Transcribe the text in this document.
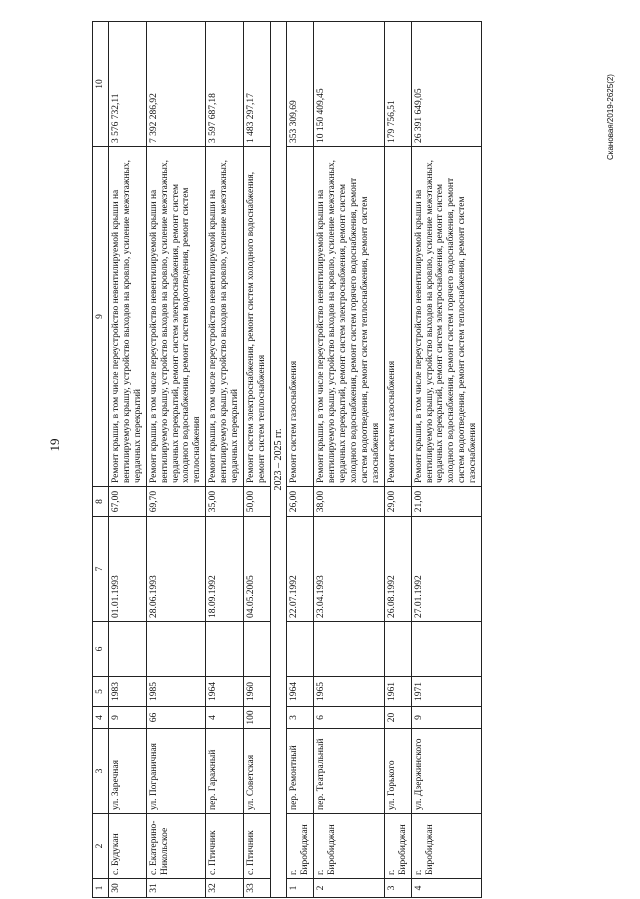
19
Скановая/2019-2625(2)
1	2	3	4	5	6	7	8	9	10
30	с. Будукан	ул. Заречная	9	1983		01.01.1993	67,00	Ремонт крыши, в том числе переустройство невентилируемой крыши на вентилируемую крышу, устройство выходов на кровлю, усиление межэтажных, чердачных перекрытий	3 576 732,11
31	с. Екатерино-Никольское	ул. Пограничная	66	1985		28.06.1993	69,70	Ремонт крыши, в том числе переустройство невентилируемой крыши на вентилируемую крышу, устройство выходов на кровлю, усиление межэтажных, чердачных перекрытий, ремонт систем электроснабжения, ремонт систем холодного водоснабжения, ремонт систем водоотведения, ремонт систем теплоснабжения	7 392 286,92
32	с. Птичник	пер. Гаражный	4	1964		18.09.1992	35,00	Ремонт крыши, в том числе переустройство невентилируемой крыши на вентилируемую крышу, устройство выходов на кровлю, усиление межэтажных, чердачных перекрытий	3 597 687,18
33	с. Птичник	ул. Советская	100	1960		04.05.2005	50,00	Ремонт систем электроснабжения, ремонт систем холодного водоснабжения, ремонт систем теплоснабжения	1 483 297,17
2023 – 2025 гг.									
1	г. Биробиджан	пер. Ремонтный	3	1964		22.07.1992	26,00	Ремонт систем газоснабжения	353 309,69
2	г. Биробиджан	пер. Театральный	6	1965		23.04.1993	38,00	Ремонт крыши, в том числе переустройство невентилируемой крыши на вентилируемую крышу, устройство выходов на кровлю, усиление межэтажных, чердачных перекрытий, ремонт систем электроснабжения, ремонт систем холодного водоснабжения, ремонт систем горячего водоснабжения, ремонт систем водоотведения, ремонт систем теплоснабжения, ремонт систем газоснабжения	10 150 409,45
3	г. Биробиджан	ул. Горького	20	1961		26.08.1992	29,00	Ремонт систем газоснабжения	179 756,51
4	г. Биробиджан	ул. Дзержинского	9	1971		27.01.1992	21,00	Ремонт крыши, в том числе переустройство невентилируемой крыши на вентилируемую крышу, устройство выходов на кровлю, усиление межэтажных, чердачных перекрытий, ремонт систем электроснабжения, ремонт систем холодного водоснабжения, ремонт систем горячего водоснабжения, ремонт систем водоотведения, ремонт систем теплоснабжения, ремонт систем газоснабжения	26 391 649,05
